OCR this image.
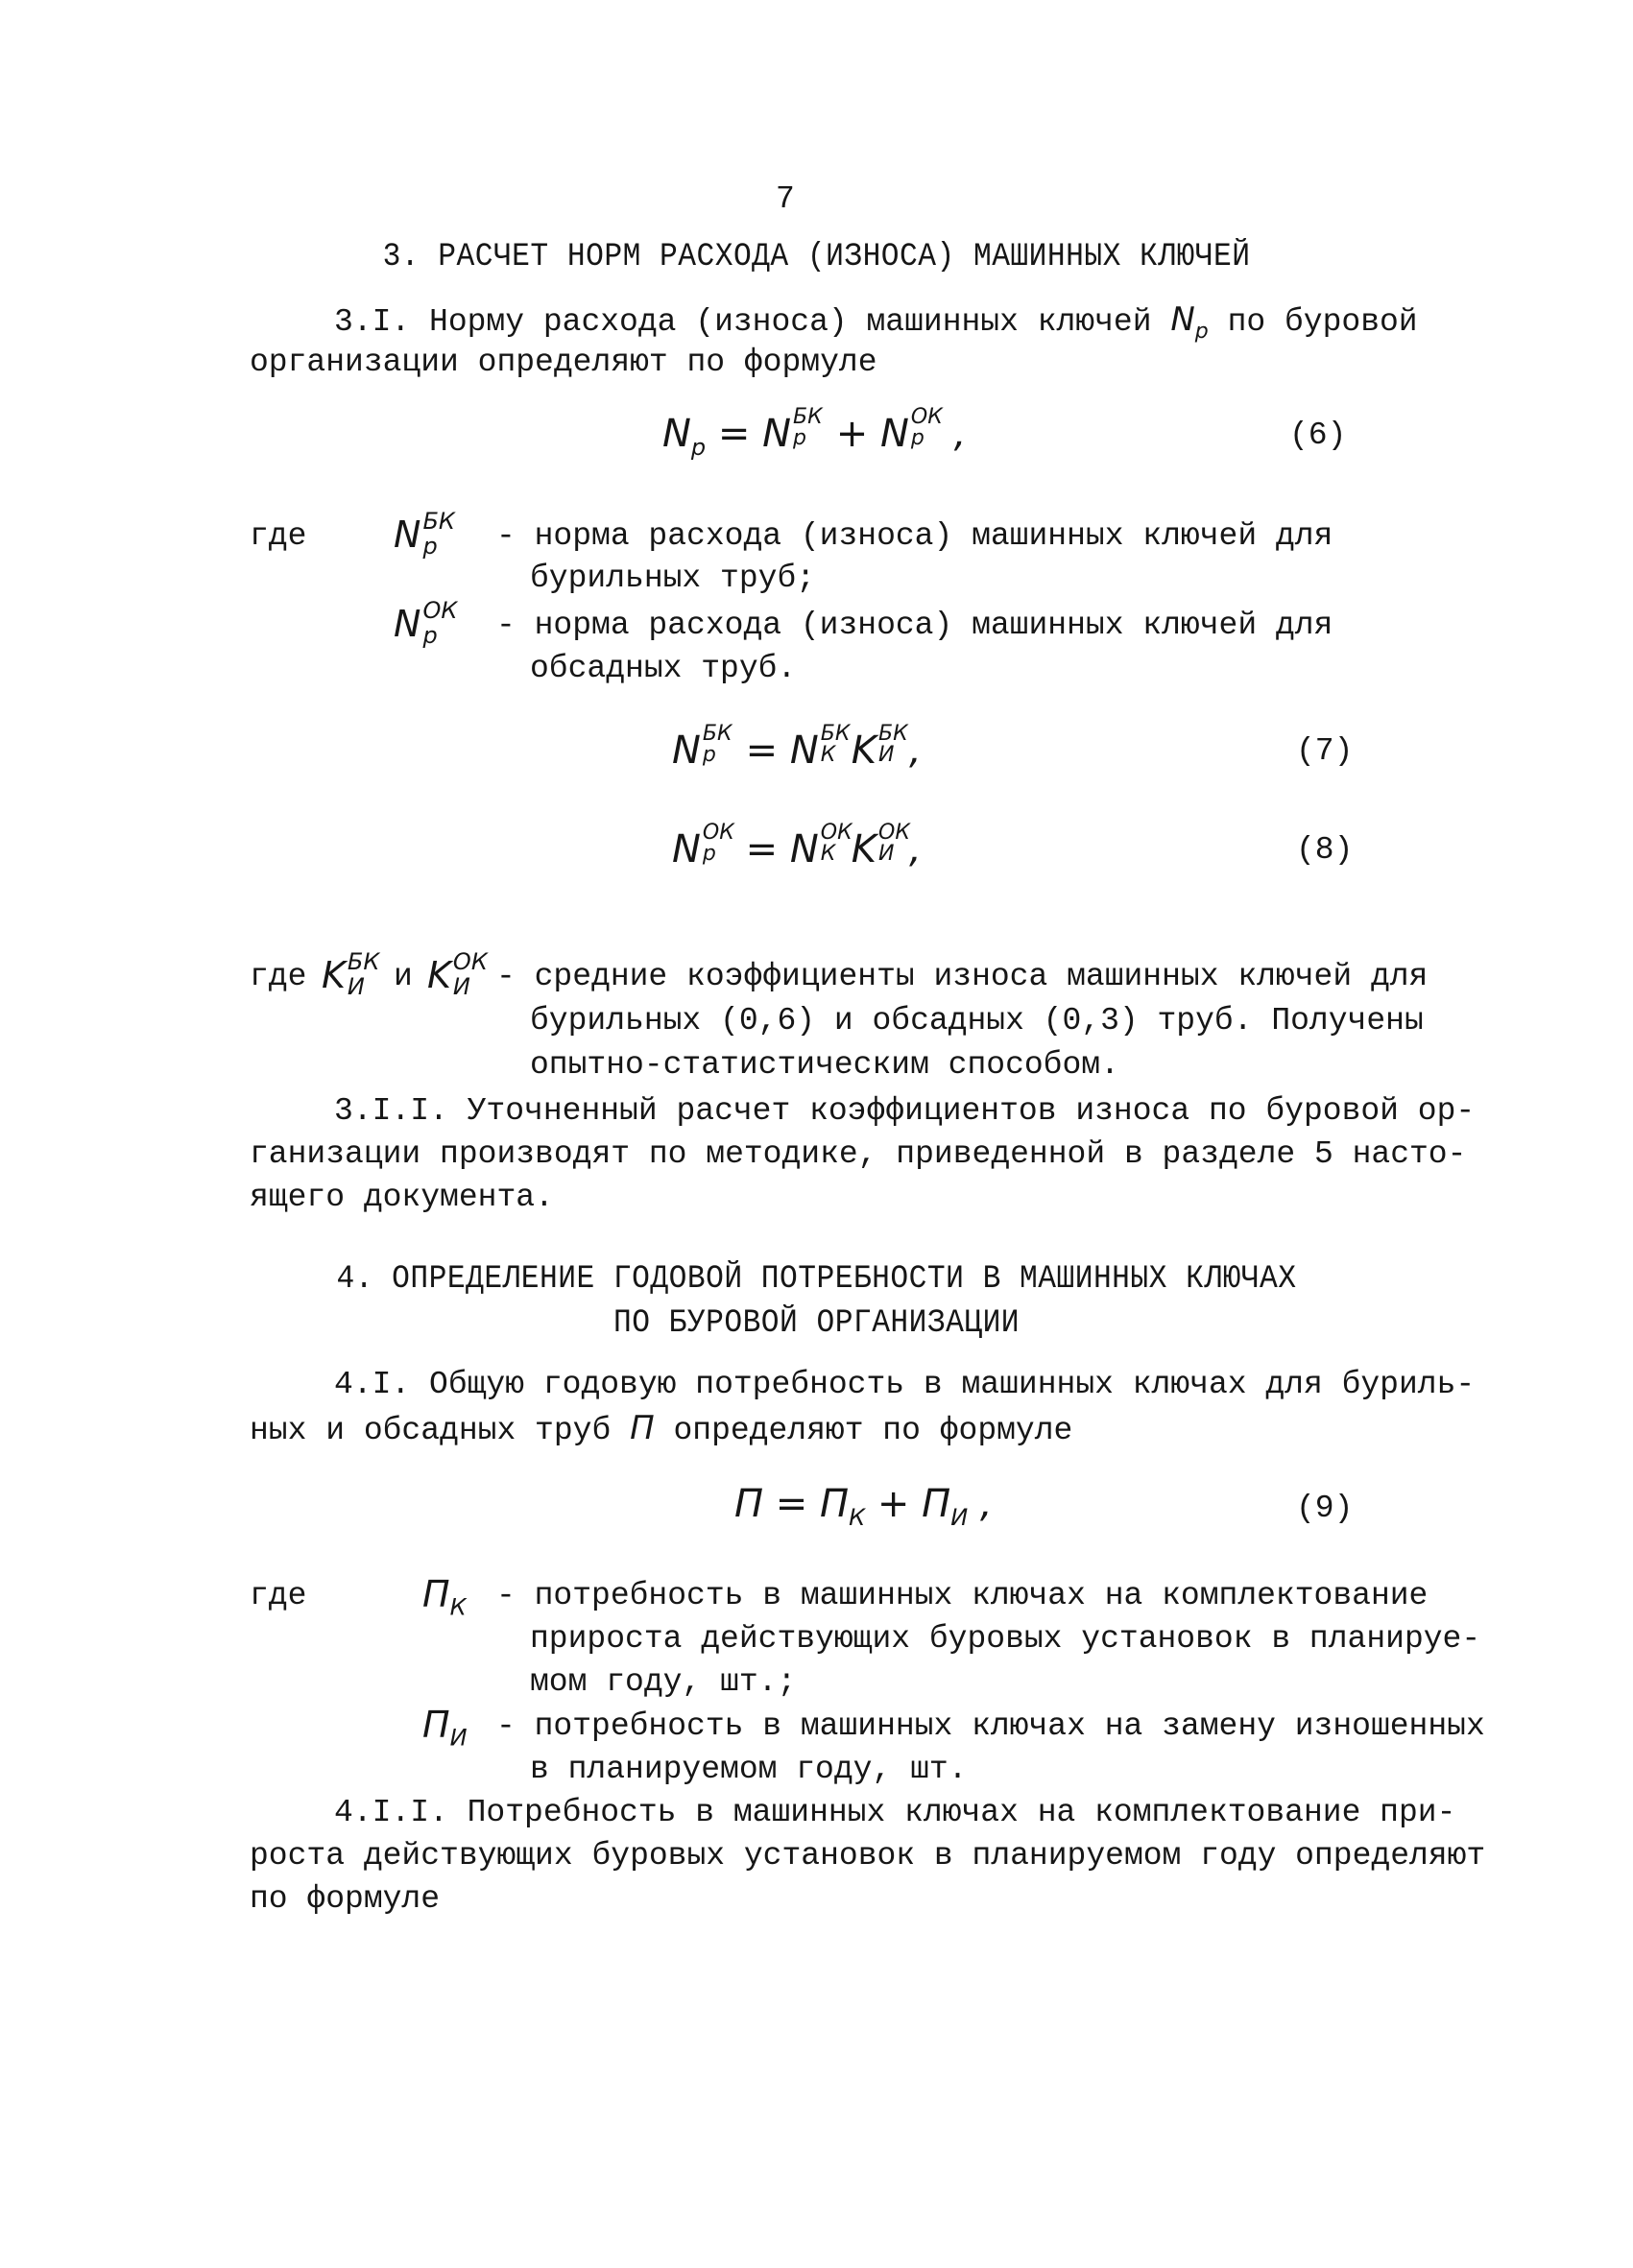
7
3. РАСЧЕТ НОРМ РАСХОДА (ИЗНОСА) МАШИННЫХ КЛЮЧЕЙ
3.I. Норму расхода (износа) машинных ключей $N_р$ по буровой
организации определяют по формуле
$N_р = N$ БК
р + N ОК
р ,	(6)
где N БК
р - норма расхода (износа) машинных ключей для
бурильных труб;
N ОК
р - норма расхода (износа) машинных ключей для
обсадных труб.
N БК
р = N БК
К K БК
И ,	(7)
N ОК
р = N ОК
К K ОК
И ,	(8)
где K БК
И и K ОК
И - средние коэффициенты износа машинных ключей для
бурильных (0,6) и обсадных (0,3) труб. Получены
опытно-статистическим способом.
3.I.I. Уточненный расчет коэффициентов износа по буровой ор-
ганизации производят по методике, приведенной в разделе 5 насто-
ящего документа.
4. ОПРЕДЕЛЕНИЕ ГОДОВОЙ ПОТРЕБНОСТИ В МАШИННЫХ КЛЮЧАХ
ПО БУРОВОЙ ОРГАНИЗАЦИИ
4.I. Общую годовую потребность в машинных ключах для буриль-
ных и обсадных труб П определяют по формуле
$П = П_К + П_И$ ,	(9)
где	$П_К$ - потребность в машинных ключах на комплектование
прироста действующих буровых установок в планируе-
мом году, шт.;
$П_И$ - потребность в машинных ключах на замену изношенных
в планируемом году, шт.
4.I.I. Потребность в машинных ключах на комплектование при-
роста действующих буровых установок в планируемом году определяют
по формуле
